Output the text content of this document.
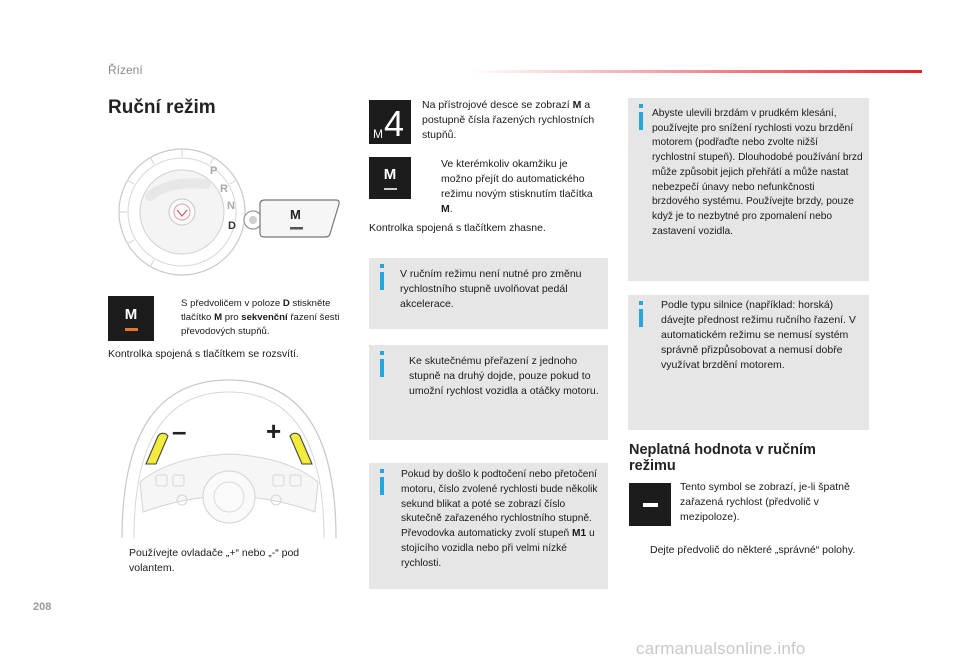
Řízení
Ruční režim
P
R
N
D
M
S předvoličem v poloze D stiskněte tlačítko M pro sekvenční řazení šesti převodových stupňů.
M
Kontrolka spojená s tlačítkem se rozsvítí.
–	+
Používejte ovladače „+“ nebo „-“ pod volantem.
M 4 Na přístrojové desce se zobrazí M a postupně čísla řazených rychlostních stupňů.
M
Ve kterémkoliv okamžiku je možno přejít do automatického režimu novým stisknutím tlačítka M.
Kontrolka spojená s tlačítkem zhasne.
V ručním režimu není nutné pro změnu rychlostního stupně uvolňovat pedál akcelerace.
Ke skutečnému přeřazení z jednoho stupně na druhý dojde, pouze pokud to umožní rychlost vozidla a otáčky motoru.
Pokud by došlo k podtočení nebo přetočení motoru, číslo zvolené rychlosti bude několik sekund blikat a poté se zobrazí číslo skutečně zařazeného rychlostního stupně.
Převodovka automaticky zvolí stupeň M1 u stojícího vozidla nebo při velmi nízké rychlosti.
Abyste ulevili brzdám v prudkém klesání, používejte pro snížení rychlosti vozu brzdění motorem (podřaďte nebo zvolte nižší rychlostní stupeň). Dlouhodobé používání brzd může způsobit jejich přehřátí a může nastat nebezpečí únavy nebo nefunkčnosti brzdového systému. Používejte brzdy, pouze když je to nezbytné pro zpomalení nebo zastavení vozidla.
Podle typu silnice (například: horská) dávejte přednost režimu ručního řazení. V automatickém režimu se nemusí systém správně přizpůsobovat a nemusí dobře využívat brzdění motorem.
Neplatná hodnota v ručním režimu
Tento symbol se zobrazí, je-li špatně zařazená rychlost (předvolič v mezipoloze).
Dejte předvolič do některé „správné“ polohy.
208
carmanualsonline.info
